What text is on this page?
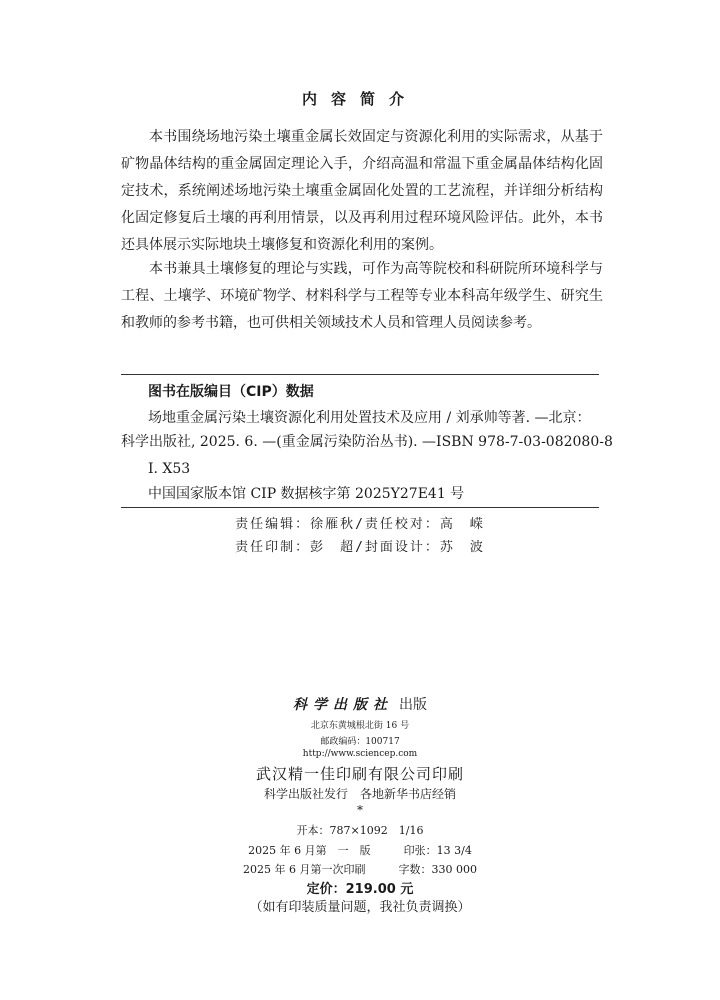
内容简介
本书围绕场地污染土壤重金属长效固定与资源化利用的实际需求，从基于矿物晶体结构的重金属固定理论入手，介绍高温和常温下重金属晶体结构化固定技术，系统阐述场地污染土壤重金属固化处置的工艺流程，并详细分析结构化固定修复后土壤的再利用情景，以及再利用过程环境风险评估。此外，本书还具体展示实际地块土壤修复和资源化利用的案例。
本书兼具土壤修复的理论与实践，可作为高等院校和科研院所环境科学与工程、土壤学、环境矿物学、材料科学与工程等专业本科高年级学生、研究生和教师的参考书籍，也可供相关领域技术人员和管理人员阅读参考。
图书在版编目（CIP）数据
场地重金属污染土壤资源化利用处置技术及应用 / 刘承帅等著. —北京：
科学出版社, 2025. 6. —(重金属污染防治丛书). —ISBN 978-7-03-082080-8
I. X53
中国国家版本馆 CIP 数据核字第 2025Y27E41 号
责任编辑：徐雁秋/责任校对：高　嵘
责任印制：彭　超/封面设计：苏　波
科学出版社 出版
北京东黄城根北街 16 号
邮政编码：100717
http://www.sciencep.com
武汉精一佳印刷有限公司印刷
科学出版社发行　各地新华书店经销
*
开本：787×1092　1/16
2025 年 6 月第　一　版　　　印张：13 3/4
2025 年 6 月第一次印刷　　　字数：330 000
定价：219.00 元
（如有印装质量问题，我社负责调换）
